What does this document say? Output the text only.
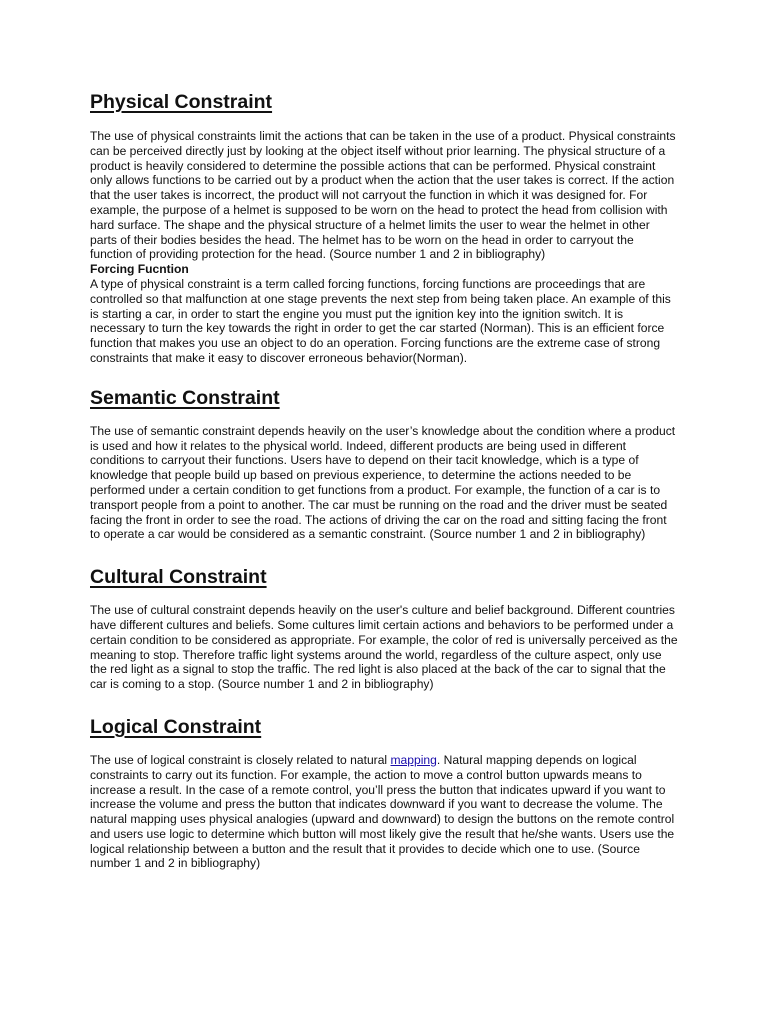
Physical Constraint

The use of physical constraints limit the actions that can be taken in the use of a product. Physical constraints can be perceived directly just by looking at the object itself without prior learning. The physical structure of a product is heavily considered to determine the possible actions that can be performed. Physical constraint only allows functions to be carried out by a product when the action that the user takes is correct. If the action that the user takes is incorrect, the product will not carryout the function in which it was designed for. For example, the purpose of a helmet is supposed to be worn on the head to protect the head from collision with hard surface. The shape and the physical structure of a helmet limits the user to wear the helmet in other parts of their bodies besides the head. The helmet has to be worn on the head in order to carryout the function of providing protection for the head. (Source number 1 and 2 in bibliography)

Forcing Fucntion

A type of physical constraint is a term called forcing functions, forcing functions are proceedings that are controlled so that malfunction at one stage prevents the next step from being taken place. An example of this is starting a car, in order to start the engine you must put the ignition key into the ignition switch. It is necessary to turn the key towards the right in order to get the car started (Norman). This is an efficient force function that makes you use an object to do an operation. Forcing functions are the extreme case of strong constraints that make it easy to discover erroneous behavior(Norman).

Semantic Constraint

The use of semantic constraint depends heavily on the user’s knowledge about the condition where a product is used and how it relates to the physical world. Indeed, different products are being used in different conditions to carryout their functions. Users have to depend on their tacit knowledge, which is a type of knowledge that people build up based on previous experience, to determine the actions needed to be performed under a certain condition to get functions from a product. For example, the function of a car is to transport people from a point to another. The car must be running on the road and the driver must be seated facing the front in order to see the road. The actions of driving the car on the road and sitting facing the front to operate a car would be considered as a semantic constraint. (Source number 1 and 2 in bibliography)

Cultural Constraint

The use of cultural constraint depends heavily on the user's culture and belief background. Different countries have different cultures and beliefs. Some cultures limit certain actions and behaviors to be performed under a certain condition to be considered as appropriate. For example, the color of red is universally perceived as the meaning to stop. Therefore traffic light systems around the world, regardless of the culture aspect, only use the red light as a signal to stop the traffic. The red light is also placed at the back of the car to signal that the car is coming to a stop. (Source number 1 and 2 in bibliography)

Logical Constraint

The use of logical constraint is closely related to natural mapping. Natural mapping depends on logical constraints to carry out its function. For example, the action to move a control button upwards means to increase a result. In the case of a remote control, you’ll press the button that indicates upward if you want to increase the volume and press the button that indicates downward if you want to decrease the volume. The natural mapping uses physical analogies (upward and downward) to design the buttons on the remote control and users use logic to determine which button will most likely give the result that he/she wants. Users use the logical relationship between a button and the result that it provides to decide which one to use. (Source number 1 and 2 in bibliography)
